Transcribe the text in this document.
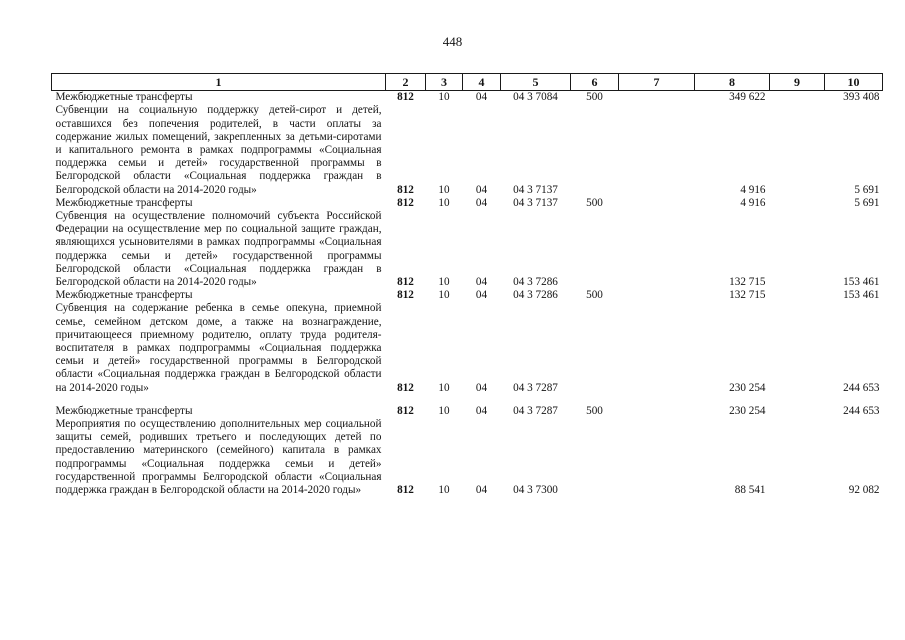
448
1	2	3	4	5	6	7	8	9	10
Межбюджетные трансферты	812	10	04	04 3 7084	500		349 622		393 408
Субвенции на социальную поддержку детей-сирот и детей, оставшихся без попечения родителей, в части оплаты за содержание жилых помещений, закрепленных за детьми-сиротами и капитального ремонта в рамках подпрограммы «Социальная поддержка семьи и детей» государственной программы в Белгородской области «Социальная поддержка граждан в Белгородской области на 2014-2020 годы»	812	10	04	04 3 7137			4 916		5 691
Межбюджетные трансферты	812	10	04	04 3 7137	500		4 916		5 691
Субвенция на осуществление полномочий субъекта Российской Федерации на осуществление мер по социальной защите граждан, являющихся усыновителями в рамках подпрограммы «Социальная поддержка семьи и детей» государственной программы Белгородской области «Социальная поддержка граждан в Белгородской области на 2014-2020 годы»	812	10	04	04 3 7286			132 715		153 461
Межбюджетные трансферты	812	10	04	04 3 7286	500		132 715		153 461
Субвенция на содержание ребенка в семье опекуна, приемной семье, семейном детском доме, а также на вознаграждение, причитающееся приемному родителю, оплату труда родителя-воспитателя в рамках подпрограммы «Социальная поддержка семьи и детей» государственной программы в Белгородской области «Социальная поддержка граждан в Белгородской области на 2014-2020 годы»	812	10	04	04 3 7287			230 254		244 653

Межбюджетные трансферты	812	10	04	04 3 7287	500		230 254		244 653
Мероприятия по осуществлению дополнительных мер социальной защиты семей, родивших третьего и последующих детей по предоставлению материнского (семейного) капитала в рамках подпрограммы «Социальная поддержка семьи и детей» государственной программы Белгородской области «Социальная поддержка граждан в Белгородской области на 2014-2020 годы»	812	10	04	04 3 7300			88 541		92 082
